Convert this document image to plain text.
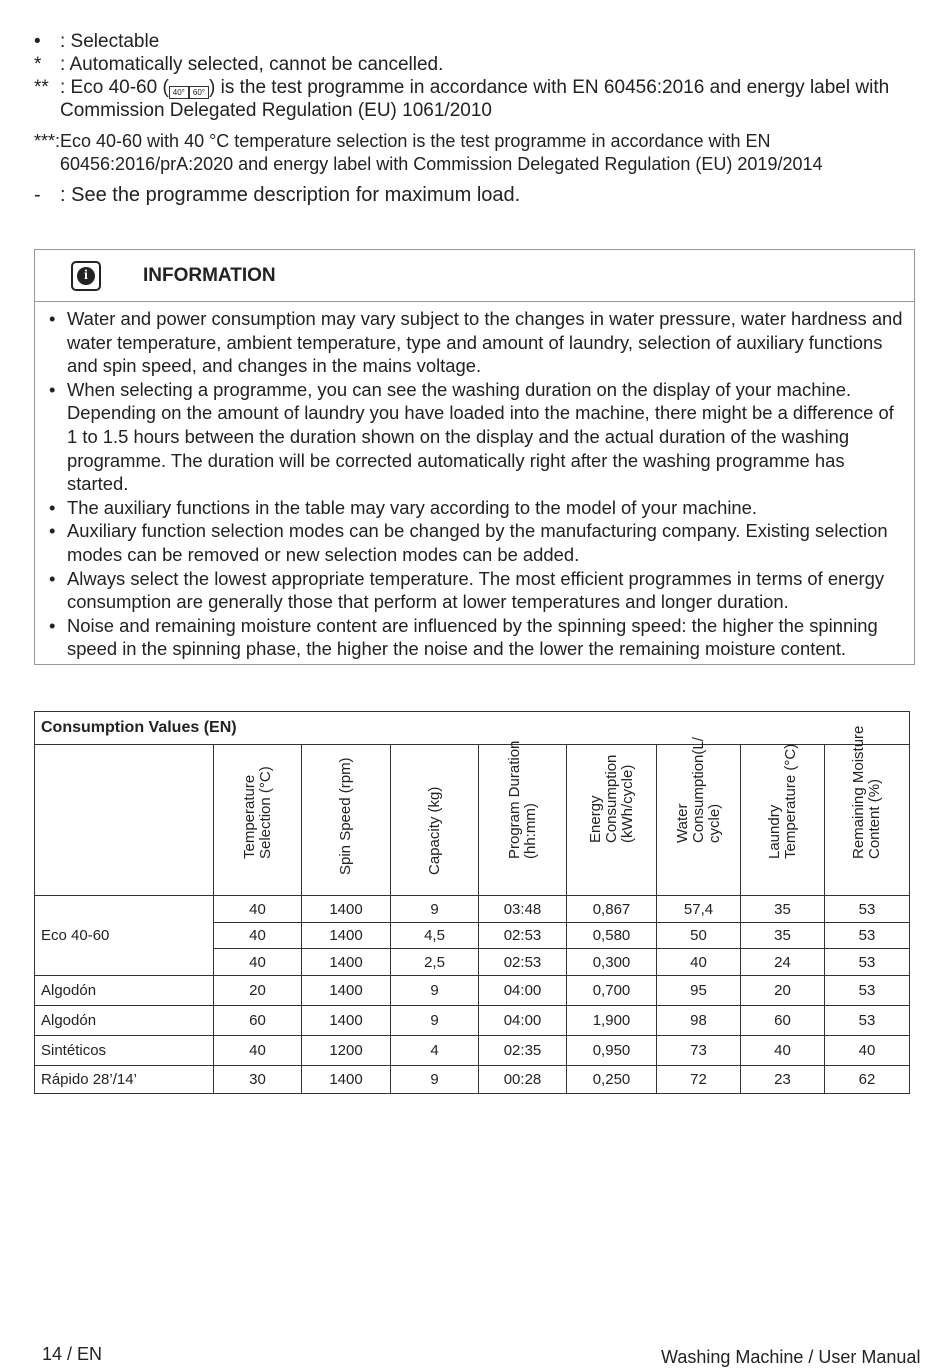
• : Selectable
* : Automatically selected, cannot be cancelled.
** : Eco 40-60 ( 40°	60° ) is the test programme in accordance with EN 60456:2016 and energy label with Commission Delegated Regulation (EU) 1061/2010
***: Eco 40-60 with 40 °C temperature selection is the test programme in accordance with EN 60456:2016/prA:2020 and energy label with Commission Delegated Regulation (EU) 2019/2014
- : See the programme description for maximum load.
i	INFORMATION
• Water and power consumption may vary subject to the changes in water pressure, water hardness and water temperature, ambient temperature, type and amount of laundry, selection of auxiliary functions and spin speed, and changes in the mains voltage.
• When selecting a programme, you can see the washing duration on the display of your machine. Depending on the amount of laundry you have loaded into the machine, there might be a difference of 1 to 1.5 hours between the duration shown on the display and the actual duration of the washing programme. The duration will be corrected automatically right after the washing programme has started.
• The auxiliary functions in the table may vary according to the model of your machine.
• Auxiliary function selection modes can be changed by the manufacturing company. Existing selection modes can be removed or new selection modes can be added.
• Always select the lowest appropriate temperature. The most efficient programmes in terms of energy consumption are generally those that perform at lower temperatures and longer duration.
• Noise and remaining moisture content are influenced by the spinning speed: the higher the spinning speed in the spinning phase, the higher the noise and the lower the remaining moisture content.
Consumption Values (EN)								

	Temperature Selection (°C)	Spin Speed (rpm)	Capacity (kg)	Program Duration (hh:mm)	Energy Consumption (kWh/cycle)	Water Consumption(L/ cycle)	Laundry Temperature (°C)	Remaining Moisture Content (%)

Eco 40-60	40	1400	9	03:48	0,867	57,4	35	53
	40	1400	4,5	02:53	0,580	50	35	53
	40	1400	2,5	02:53	0,300	40	24	53
Algodón	20	1400	9	04:00	0,700	95	20	53
Algodón	60	1400	9	04:00	1,900	98	60	53
Sintéticos	40	1200	4	02:35	0,950	73	40	40
Rápido 28’/14’	30	1400	9	00:28	0,250	72	23	62
14 / EN	Washing Machine / User Manual
